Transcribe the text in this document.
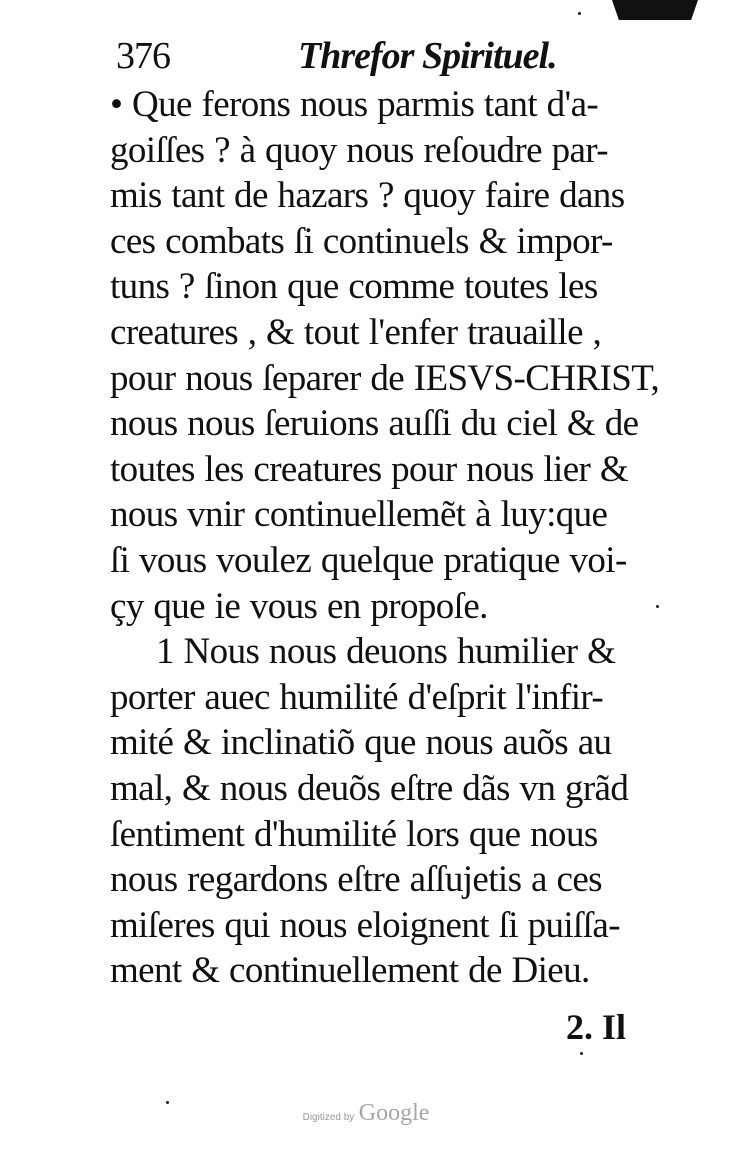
376	Threfor Spirituel.
• Que ferons nous parmis tant d'a-
goiſſes ? à quoy nous reſoudre par-
mis tant de hazars ? quoy faire dans
ces combats ſi continuels & impor-
tuns ? ſinon que comme toutes les
creatures , & tout l'enfer trauaille ,
pour nous ſeparer de IESVS-CHRIST,
nous nous ſeruions auſſi du ciel & de
toutes les creatures pour nous lier &
nous vnir continuellemẽt à luy:que
ſi vous voulez quelque pratique voi-
çy que ie vous en propoſe.
1 Nous nous deuons humilier &
porter auec humilité d'eſprit l'infir-
mité & inclinatiõ que nous auõs au
mal, & nous deuõs eſtre dãs vn grãd
ſentiment d'humilité lors que nous
nous regardons eſtre aſſujetis a ces
miſeres qui nous eloignent ſi puiſſa-
ment & continuellement de Dieu.
2. Il
Digitized by Google
